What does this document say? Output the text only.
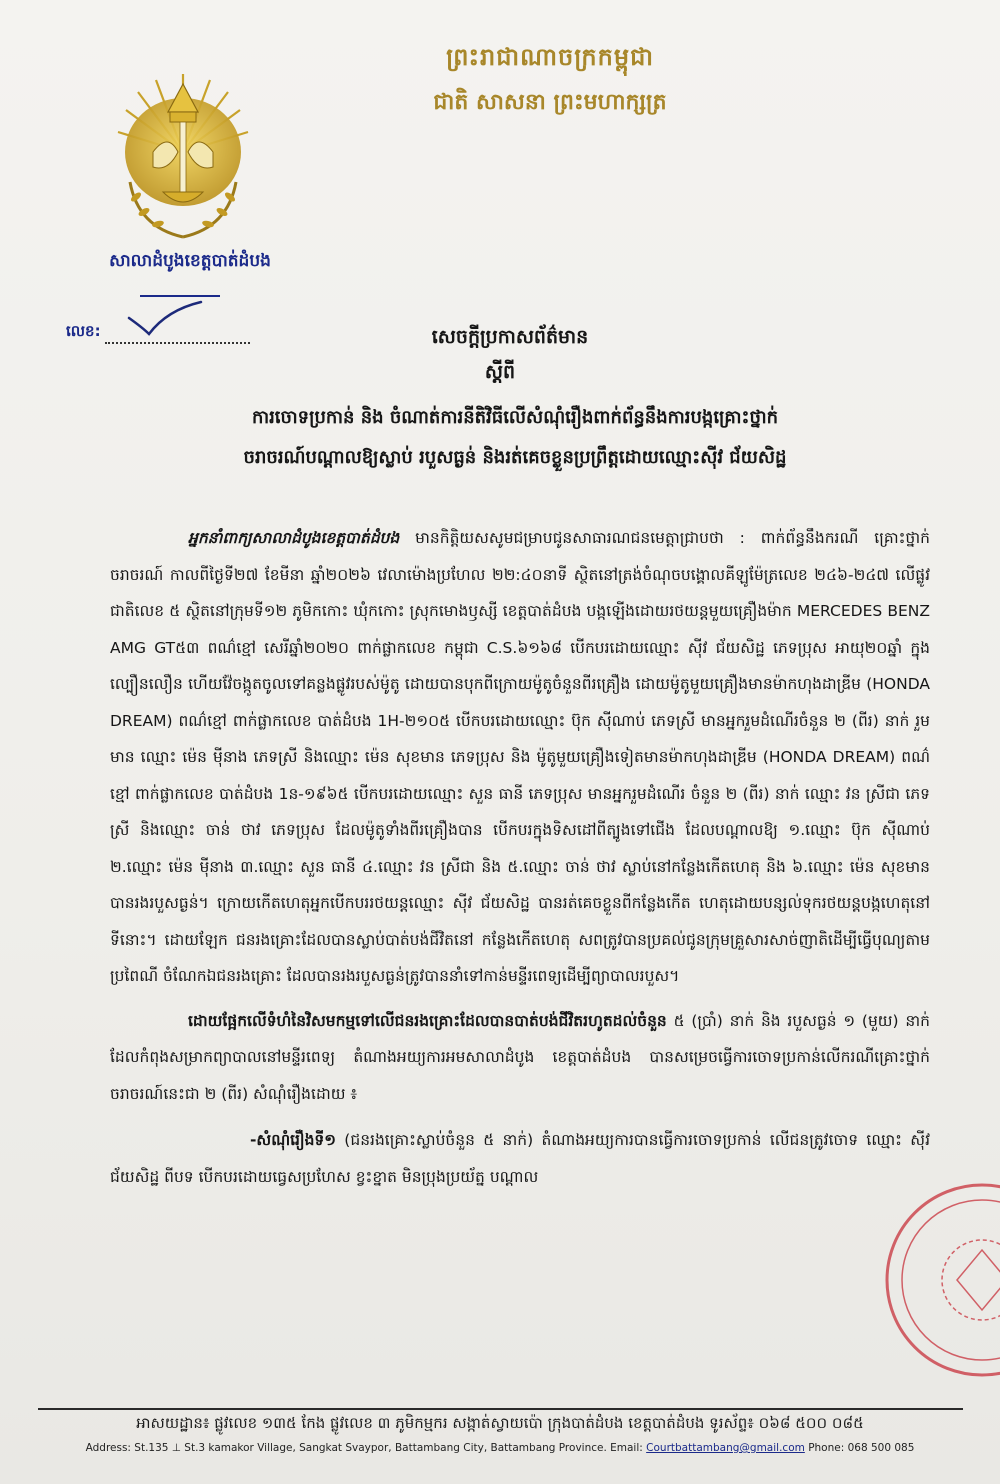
ព្រះរាជាណាចក្រកម្ពុជា
ជាតិ សាសនា ព្រះមហាក្សត្រ
សាលាដំបូងខេត្តបាត់ដំបង
លេខ:	សេចក្តីប្រកាសព័ត៌មាន
ស្តីពី
ការចោទប្រកាន់ និង ចំណាត់ការនីតិវិធីលើសំណុំរឿងពាក់ព័ន្ធនឹងការបង្កគ្រោះថ្នាក់
ចរាចរណ៍បណ្តាលឱ្យស្លាប់ របួសធ្ងន់ និងរត់គេចខ្លួនប្រព្រឹត្តដោយឈ្មោះស៊ីវ ជ័យសិដ្ឋ

អ្នកនាំពាក្យសាលាដំបូងខេត្តបាត់ដំបង មានកិត្តិយសសូមជម្រាបជូនសាធារណជនមេត្តាជ្រាបថា : ពាក់ព័ន្ធនឹងករណី គ្រោះថ្នាក់ចរាចរណ៍ កាលពីថ្ងៃទី២៧ ខែមីនា ឆ្នាំ២០២៦ វេលាម៉ោងប្រហែល ២២:៤០នាទី ស្ថិតនៅត្រង់ចំណុចបង្គោលគីឡូម៉ែត្រលេខ ២៤៦-២៤៧ លើផ្លូវជាតិលេខ ៥ ស្ថិតនៅក្រុមទី១២ ភូមិកកោះ ឃុំកកោះ ស្រុកមោងឫស្សី ខេត្តបាត់ដំបង បង្កឡើងដោយរថយន្តមួយគ្រឿងម៉ាក MERCEDES BENZ AMG GT៥៣ ពណ៌ខ្មៅ សេរីឆ្នាំ២០២០ ពាក់ផ្លាកលេខ កម្ពុជា C.S.៦១៦៨ បើកបរដោយឈ្មោះ ស៊ីវ ជ័យសិដ្ឋ ភេទប្រុស អាយុ២០ឆ្នាំ ក្នុងល្បឿនលឿន ហើយវ៉ែចង្កូតចូលទៅគន្លងផ្លូវរបស់ម៉ូតូ ដោយបានបុកពីក្រោយម៉ូតូចំនួនពីរគ្រឿង ដោយម៉ូតូមួយគ្រឿងមានម៉ាកហុងដាឌ្រីម (HONDA DREAM) ពណ៌ខ្មៅ ពាក់ផ្លាកលេខ បាត់ដំបង 1H-២១០៥ បើកបរដោយឈ្មោះ ប៊ុក ស៊ីណាប់ ភេទស្រី មានអ្នករួមដំណើរចំនួន ២ (ពីរ) នាក់ រួមមាន ឈ្មោះ ម៉េន ម៉ីនាង ភេទស្រី និងឈ្មោះ ម៉េន សុខមាន ភេទប្រុស និង ម៉ូតូមួយគ្រឿងទៀតមានម៉ាកហុងដាឌ្រីម (HONDA DREAM) ពណ៌ខ្មៅ ពាក់ផ្លាកលេខ បាត់ដំបង 1ន-១៩៦៥ បើកបរដោយឈ្មោះ សួន ធានី ភេទប្រុស មានអ្នករួមដំណើរ ចំនួន ២ (ពីរ) នាក់ ឈ្មោះ វន ស្រីជា ភេទស្រី និងឈ្មោះ ចាន់ ថាវ ភេទប្រុស ដែលម៉ូតូទាំងពីរគ្រឿងបាន បើកបរក្នុងទិសដៅពីត្បូងទៅជើង ដែលបណ្តាលឱ្យ ១.ឈ្មោះ ប៊ុក ស៊ីណាប់ ២.ឈ្មោះ ម៉េន ម៉ីនាង ៣.ឈ្មោះ សួន ធានី ៤.ឈ្មោះ វន ស្រីជា និង ៥.ឈ្មោះ ចាន់ ថាវ ស្លាប់នៅកន្លែងកើតហេតុ និង ៦.ឈ្មោះ ម៉េន សុខមាន បានរងរបួសធ្ងន់។ ក្រោយកើតហេតុអ្នកបើកបររថយន្តឈ្មោះ ស៊ីវ ជ័យសិដ្ឋ បានរត់គេចខ្លួនពីកន្លែងកើត ហេតុដោយបន្សល់ទុករថយន្តបង្កហេតុនៅទីនោះ។ ដោយឡែក ជនរងគ្រោះដែលបានស្លាប់បាត់បង់ជីវិតនៅ កន្លែងកើតហេតុ សពត្រូវបានប្រគល់ជូនក្រុមគ្រួសារសាច់ញាតិដើម្បីធ្វើបុណ្យតាមប្រពៃណី ចំណែកឯជនរងគ្រោះ ដែលបានរងរបួសធ្ងន់ត្រូវបាននាំទៅកាន់មន្ទីរពេទ្យដើម្បីព្យាបាលរបួស។

ដោយផ្អែកលើទំហំនៃវិសមកម្មទៅលើជនរងគ្រោះដែលបានបាត់បង់ជីវិតរហូតដល់ចំនួន ៥ (ប្រាំ) នាក់ និង របួសធ្ងន់ ១ (មួយ) នាក់ ដែលកំពុងសម្រាកព្យាបាលនៅមន្ទីរពេទ្យ តំណាងអយ្យការអមសាលាដំបូង ខេត្តបាត់ដំបង បានសម្រេចធ្វើការចោទប្រកាន់លើករណីគ្រោះថ្នាក់ចរាចរណ៍នេះជា ២ (ពីរ) សំណុំរឿងដោយ ៖

-សំណុំរឿងទី១ (ជនរងគ្រោះស្លាប់ចំនួន ៥ នាក់) តំណាងអយ្យការបានធ្វើការចោទប្រកាន់ លើជនត្រូវចោទ ឈ្មោះ ស៊ីវ ជ័យសិដ្ឋ ពីបទ បើកបរដោយធ្វេសប្រហែស ខ្វះខ្នាត មិនប្រុងប្រយ័ត្ន បណ្តាល

អាសយដ្ឋាន៖ ផ្លូវលេខ ១៣៥ កែង ផ្លូវលេខ ៣ ភូមិកម្មករ សង្កាត់ស្វាយប៉ោ ក្រុងបាត់ដំបង ខេត្តបាត់ដំបង ទូរស័ព្ទ៖ ០៦៨ ៥០០ ០៨៥
Address: St.135 ⊥ St.3 kamakor Village, Sangkat Svaypor, Battambang City, Battambang Province. Email: Courtbattambang@gmail.com Phone: 068 500 085
